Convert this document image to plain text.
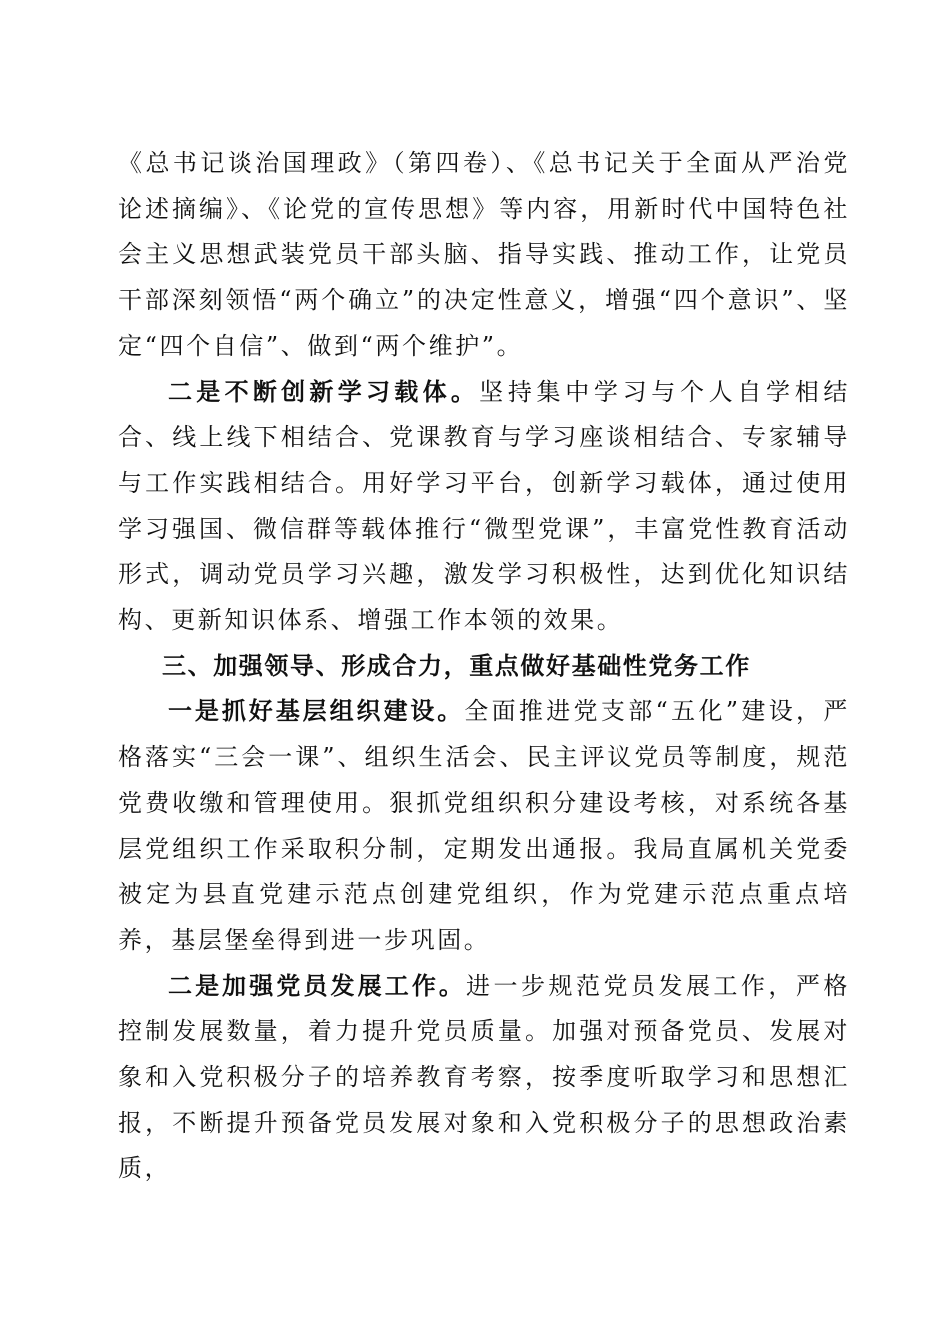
《总书记谈治国理政》（第四卷）、《总书记关于全面从严治党论述摘编》、《论党的宣传思想》等内容，用新时代中国特色社会主义思想武装党员干部头脑、指导实践、推动工作，让党员干部深刻领悟“两个确立”的决定性意义，增强“四个意识”、坚定“四个自信”、做到“两个维护”。

二是不断创新学习载体。坚持集中学习与个人自学相结合、线上线下相结合、党课教育与学习座谈相结合、专家辅导与工作实践相结合。用好学习平台，创新学习载体，通过使用学习强国、微信群等载体推行“微型党课”，丰富党性教育活动形式，调动党员学习兴趣，激发学习积极性，达到优化知识结构、更新知识体系、增强工作本领的效果。

三、加强领导、形成合力，重点做好基础性党务工作

一是抓好基层组织建设。全面推进党支部“五化”建设，严格落实“三会一课”、组织生活会、民主评议党员等制度，规范党费收缴和管理使用。狠抓党组织积分建设考核，对系统各基层党组织工作采取积分制，定期发出通报。我局直属机关党委被定为县直党建示范点创建党组织，作为党建示范点重点培养，基层堡垒得到进一步巩固。

二是加强党员发展工作。进一步规范党员发展工作，严格控制发展数量，着力提升党员质量。加强对预备党员、发展对象和入党积极分子的培养教育考察，按季度听取学习和思想汇报，不断提升预备党员发展对象和入党积极分子的思想政治素质，
